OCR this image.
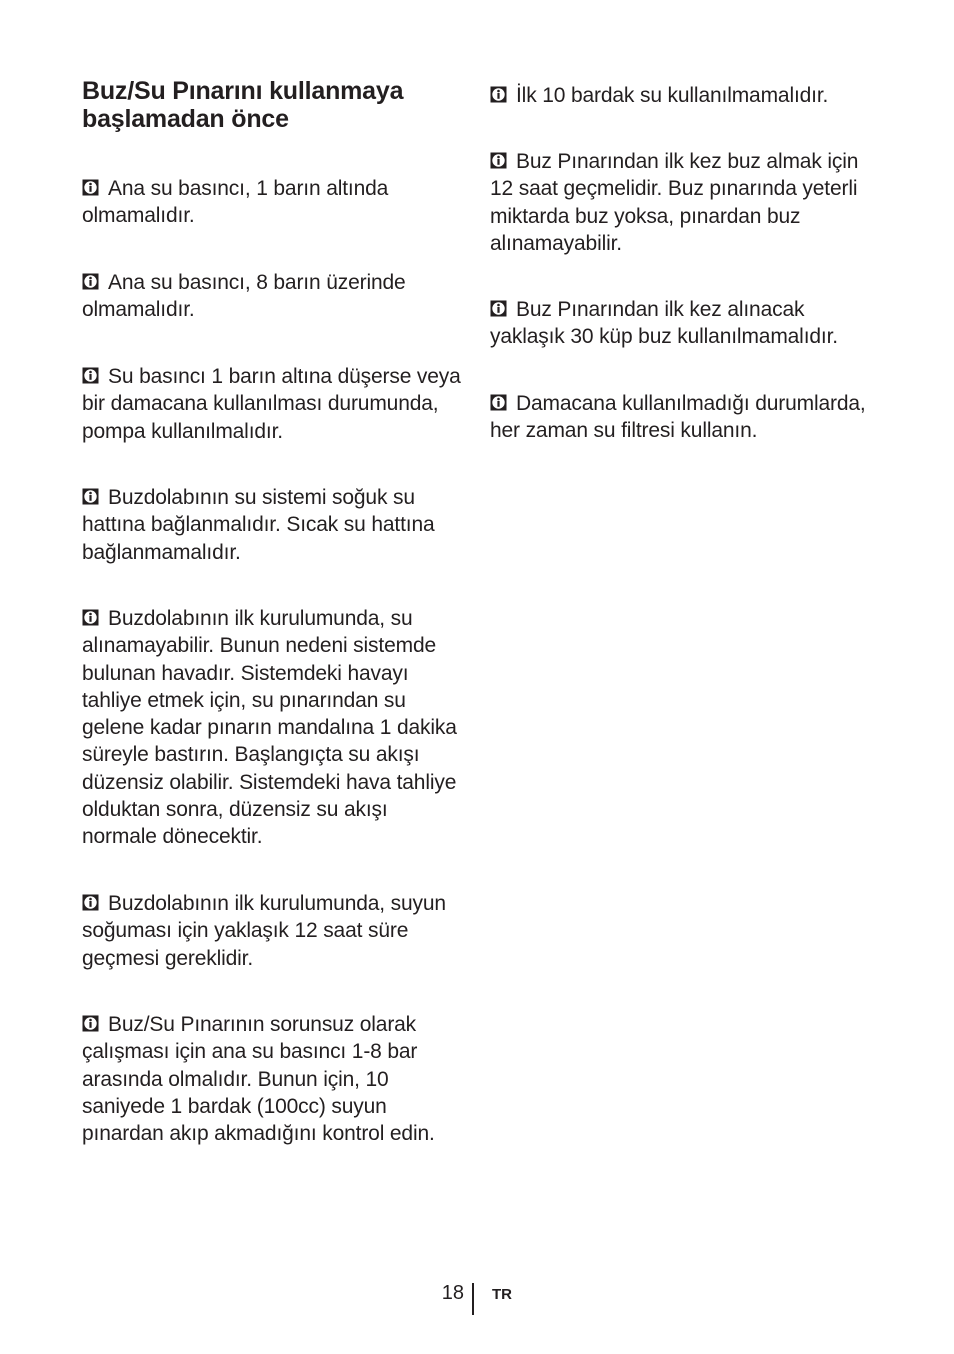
Buz/Su Pınarını kullanmaya başlamadan önce

Ana su basıncı, 1 barın altında olmamalıdır.

Ana su basıncı, 8 barın üzerinde olmamalıdır.

Su basıncı 1 barın altına düşerse veya bir damacana kullanılması durumunda, pompa kullanılmalıdır.

Buzdolabının su sistemi soğuk su hattına bağlanmalıdır. Sıcak su hattına bağlanmamalıdır.

Buzdolabının ilk kurulumunda, su alınamayabilir. Bunun nedeni sistemde bulunan havadır. Sistemdeki havayı tahliye etmek için, su pınarından su gelene kadar pınarın mandalına 1 dakika süreyle bastırın. Başlangıçta su akışı düzensiz olabilir. Sistemdeki hava tahliye olduktan sonra, düzensiz su akışı normale dönecektir.

Buzdolabının ilk kurulumunda, suyun soğuması için yaklaşık 12 saat süre geçmesi gereklidir.

Buz/Su Pınarının sorunsuz olarak çalışması için ana su basıncı 1-8 bar arasında olmalıdır. Bunun için, 10 saniyede 1 bardak (100cc) suyun pınardan akıp akmadığını kontrol edin.

İlk 10 bardak su kullanılmamalıdır.

Buz Pınarından ilk kez buz almak için 12 saat geçmelidir. Buz pınarında yeterli miktarda buz yoksa, pınardan buz alınamayabilir.

Buz Pınarından ilk kez alınacak yaklaşık 30 küp buz kullanılmamalıdır.

Damacana kullanılmadığı durumlarda, her zaman su filtresi kullanın.

18 TR
